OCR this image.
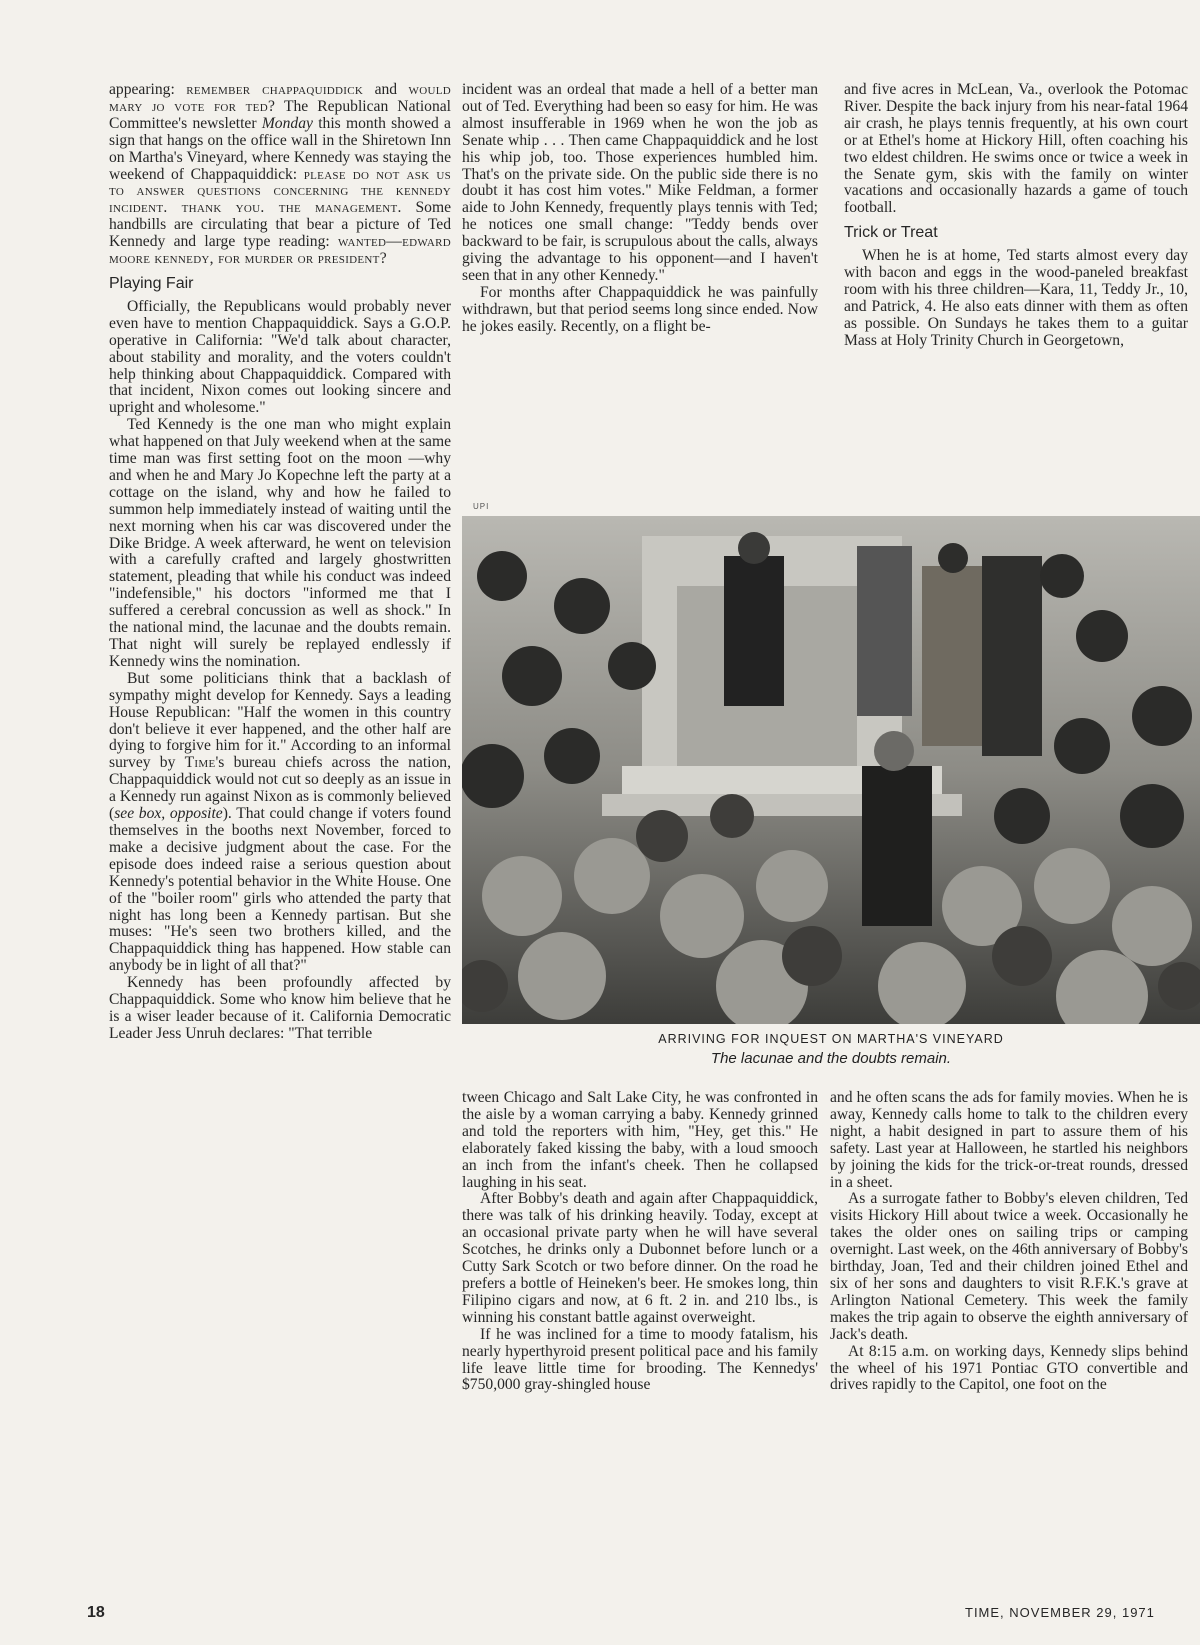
appearing: remember chappaquiddick and would mary jo vote for ted? The Republican National Committee's newsletter Monday this month showed a sign that hangs on the office wall in the Shiretown Inn on Martha's Vineyard, where Kennedy was staying the weekend of Chappaquiddick: please do not ask us to answer questions concerning the kennedy incident. thank you. the management. Some handbills are circulating that bear a picture of Ted Kennedy and large type reading: wanted—edward moore kennedy, for murder or president?

Playing Fair

Officially, the Republicans would probably never even have to mention Chappaquiddick. Says a G.O.P. operative in California: "We'd talk about character, about stability and morality, and the voters couldn't help thinking about Chappaquiddick. Compared with that incident, Nixon comes out looking sincere and upright and wholesome."

Ted Kennedy is the one man who might explain what happened on that July weekend when at the same time man was first setting foot on the moon —why and when he and Mary Jo Kopechne left the party at a cottage on the island, why and how he failed to summon help immediately instead of waiting until the next morning when his car was discovered under the Dike Bridge. A week afterward, he went on television with a carefully crafted and largely ghostwritten statement, pleading that while his conduct was indeed "indefensible," his doctors "informed me that I suffered a cerebral concussion as well as shock." In the national mind, the lacunae and the doubts remain. That night will surely be replayed endlessly if Kennedy wins the nomination.

But some politicians think that a backlash of sympathy might develop for Kennedy. Says a leading House Republican: "Half the women in this country don't believe it ever happened, and the other half are dying to forgive him for it." According to an informal survey by Time's bureau chiefs across the nation, Chappaquiddick would not cut so deeply as an issue in a Kennedy run against Nixon as is commonly believed (see box, opposite). That could change if voters found themselves in the booths next November, forced to make a decisive judgment about the case. For the episode does indeed raise a serious question about Kennedy's potential behavior in the White House. One of the "boiler room" girls who attended the party that night has long been a Kennedy partisan. But she muses: "He's seen two brothers killed, and the Chappaquiddick thing has happened. How stable can anybody be in light of all that?"

Kennedy has been profoundly affected by Chappaquiddick. Some who know him believe that he is a wiser leader because of it. California Democratic Leader Jess Unruh declares: "That terrible

incident was an ordeal that made a hell of a better man out of Ted. Everything had been so easy for him. He was almost insufferable in 1969 when he won the job as Senate whip . . . Then came Chappaquiddick and he lost his whip job, too. Those experiences humbled him. That's on the private side. On the public side there is no doubt it has cost him votes." Mike Feldman, a former aide to John Kennedy, frequently plays tennis with Ted; he notices one small change: "Teddy bends over backward to be fair, is scrupulous about the calls, always giving the advantage to his opponent—and I haven't seen that in any other Kennedy."

For months after Chappaquiddick he was painfully withdrawn, but that period seems long since ended. Now he jokes easily. Recently, on a flight be-

and five acres in McLean, Va., overlook the Potomac River. Despite the back injury from his near-fatal 1964 air crash, he plays tennis frequently, at his own court or at Ethel's home at Hickory Hill, often coaching his two eldest children. He swims once or twice a week in the Senate gym, skis with the family on winter vacations and occasionally hazards a game of touch football.

Trick or Treat

When he is at home, Ted starts almost every day with bacon and eggs in the wood-paneled breakfast room with his three children—Kara, 11, Teddy Jr., 10, and Patrick, 4. He also eats dinner with them as often as possible. On Sundays he takes them to a guitar Mass at Holy Trinity Church in Georgetown,

UPI
ARRIVING FOR INQUEST ON MARTHA'S VINEYARD
The lacunae and the doubts remain.

tween Chicago and Salt Lake City, he was confronted in the aisle by a woman carrying a baby. Kennedy grinned and told the reporters with him, "Hey, get this." He elaborately faked kissing the baby, with a loud smooch an inch from the infant's cheek. Then he collapsed laughing in his seat.

After Bobby's death and again after Chappaquiddick, there was talk of his drinking heavily. Today, except at an occasional private party when he will have several Scotches, he drinks only a Dubonnet before lunch or a Cutty Sark Scotch or two before dinner. On the road he prefers a bottle of Heineken's beer. He smokes long, thin Filipino cigars and now, at 6 ft. 2 in. and 210 lbs., is winning his constant battle against overweight.

If he was inclined for a time to moody fatalism, his nearly hyperthyroid present political pace and his family life leave little time for brooding. The Kennedys' $750,000 gray-shingled house

and he often scans the ads for family movies. When he is away, Kennedy calls home to talk to the children every night, a habit designed in part to assure them of his safety. Last year at Halloween, he startled his neighbors by joining the kids for the trick-or-treat rounds, dressed in a sheet.

As a surrogate father to Bobby's eleven children, Ted visits Hickory Hill about twice a week. Occasionally he takes the older ones on sailing trips or camping overnight. Last week, on the 46th anniversary of Bobby's birthday, Joan, Ted and their children joined Ethel and six of her sons and daughters to visit R.F.K.'s grave at Arlington National Cemetery. This week the family makes the trip again to observe the eighth anniversary of Jack's death.

At 8:15 a.m. on working days, Kennedy slips behind the wheel of his 1971 Pontiac GTO convertible and drives rapidly to the Capitol, one foot on the

18	TIME, NOVEMBER 29, 1971
